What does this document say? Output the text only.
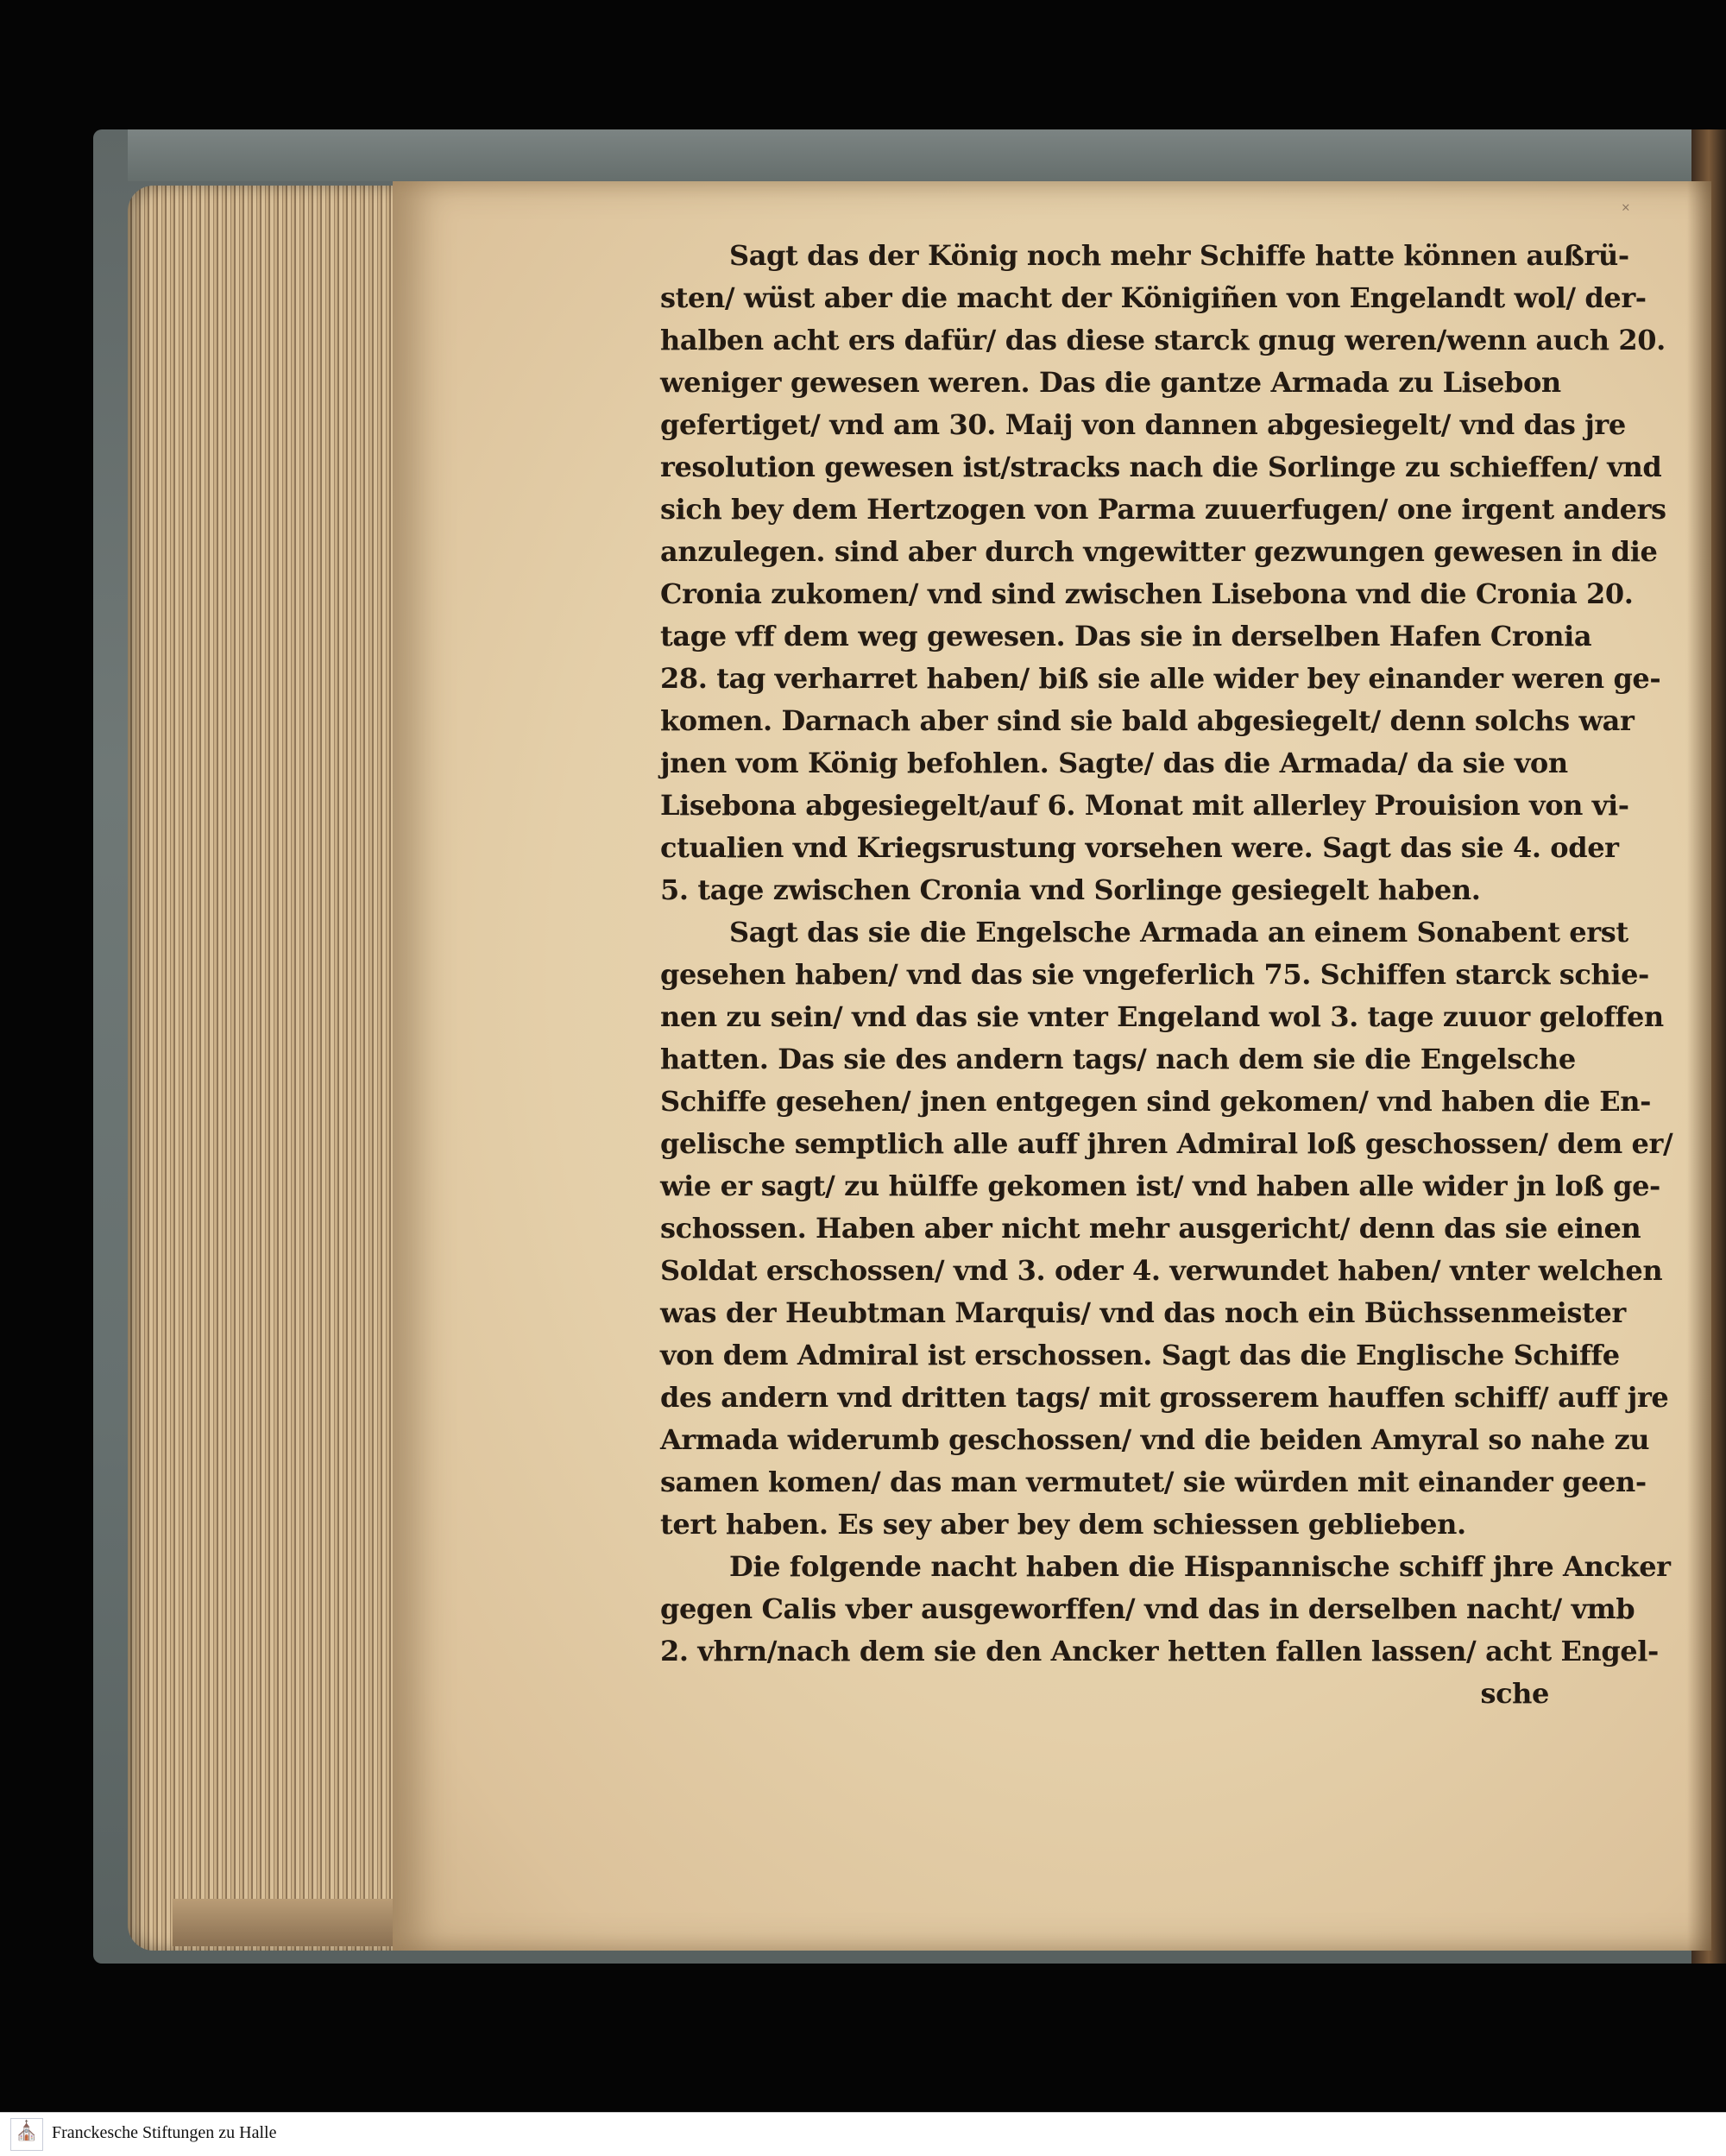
˟
Sagt das der König noch mehr Schiffe hatte können außrü-
sten/ wüst aber die macht der Königiñen von Engelandt wol/ der-
halben acht ers dafür/ das diese starck gnug weren/wenn auch 20.
weniger gewesen weren. Das die gantze Armada zu Lisebon
gefertiget/ vnd am 30. Maij von dannen abgesiegelt/ vnd das jre
resolution gewesen ist/stracks nach die Sorlinge zu schieffen/ vnd
sich bey dem Hertzogen von Parma zuuerfugen/ one irgent anders
anzulegen. sind aber durch vngewitter gezwungen gewesen in die
Cronia zukomen/ vnd sind zwischen Lisebona vnd die Cronia 20.
tage vff dem weg gewesen. Das sie in derselben Hafen Cronia
28. tag verharret haben/ biß sie alle wider bey einander weren ge-
komen. Darnach aber sind sie bald abgesiegelt/ denn solchs war
jnen vom König befohlen. Sagte/ das die Armada/ da sie von
Lisebona abgesiegelt/auf 6. Monat mit allerley Prouision von vi-
ctualien vnd Kriegsrustung vorsehen were. Sagt das sie 4. oder
5. tage zwischen Cronia vnd Sorlinge gesiegelt haben.
Sagt das sie die Engelsche Armada an einem Sonabent erst
gesehen haben/ vnd das sie vngeferlich 75. Schiffen starck schie-
nen zu sein/ vnd das sie vnter Engeland wol 3. tage zuuor geloffen
hatten. Das sie des andern tags/ nach dem sie die Engelsche
Schiffe gesehen/ jnen entgegen sind gekomen/ vnd haben die En-
gelische semptlich alle auff jhren Admiral loß geschossen/ dem er/
wie er sagt/ zu hülffe gekomen ist/ vnd haben alle wider jn loß ge-
schossen. Haben aber nicht mehr ausgericht/ denn das sie einen
Soldat erschossen/ vnd 3. oder 4. verwundet haben/ vnter welchen
was der Heubtman Marquis/ vnd das noch ein Büchssenmeister
von dem Admiral ist erschossen. Sagt das die Englische Schiffe
des andern vnd dritten tags/ mit grosserem hauffen schiff/ auff jre
Armada widerumb geschossen/ vnd die beiden Amyral so nahe zu
samen komen/ das man vermutet/ sie würden mit einander geen-
tert haben. Es sey aber bey dem schiessen geblieben.
Die folgende nacht haben die Hispannische schiff jhre Ancker
gegen Calis vber ausgeworffen/ vnd das in derselben nacht/ vmb
2. vhrn/nach dem sie den Ancker hetten fallen lassen/ acht Engel-
sche
⛪ Franckesche Stiftungen zu Halle
